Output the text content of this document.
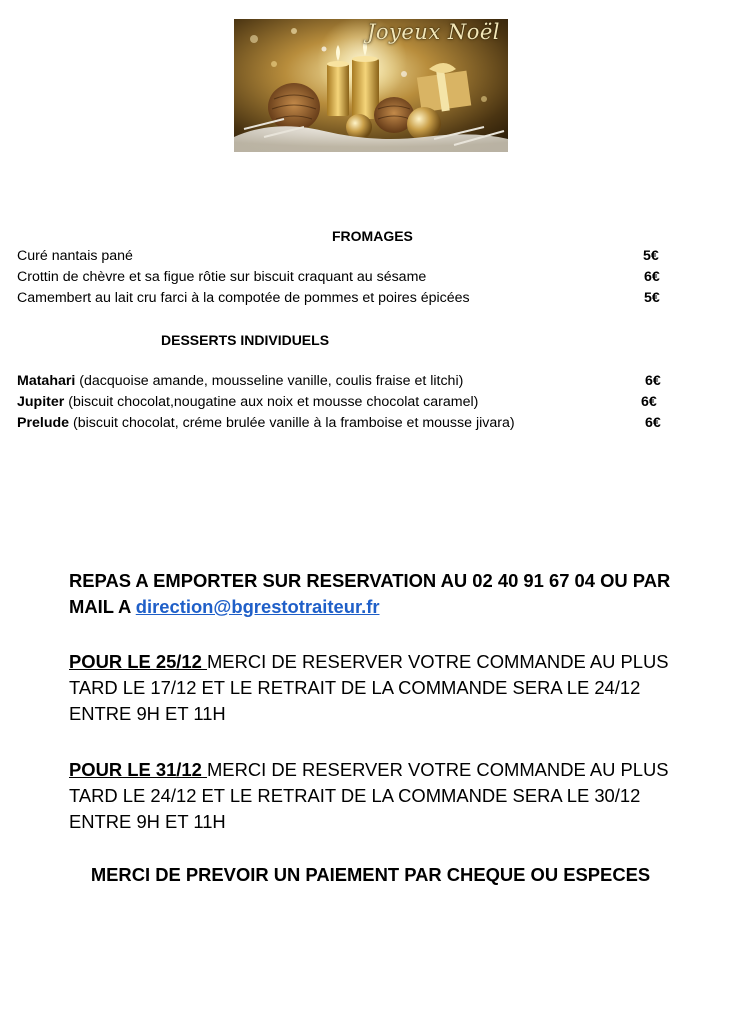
Joyeux Noël
FROMAGES
Curé nantais pané	5€
Crottin de chèvre et sa figue rôtie sur biscuit craquant au sésame	6€
Camembert au lait cru farci à la compotée de pommes et poires épicées	5€
DESSERTS INDIVIDUELS
Matahari (dacquoise amande, mousseline vanille, coulis fraise et litchi)	6€
Jupiter (biscuit chocolat,nougatine aux noix et mousse chocolat caramel)	6€
Prelude (biscuit chocolat, créme brulée vanille à la framboise et mousse jivara)	6€
REPAS A EMPORTER SUR RESERVATION AU 02 40 91 67 04 OU PAR
MAIL A direction@bgrestotraiteur.fr
POUR LE 25/12 MERCI DE RESERVER VOTRE COMMANDE AU PLUS
TARD LE 17/12 ET LE RETRAIT DE LA COMMANDE SERA LE 24/12
ENTRE 9H ET 11H
POUR LE 31/12 MERCI DE RESERVER VOTRE COMMANDE AU PLUS
TARD LE 24/12 ET LE RETRAIT DE LA COMMANDE SERA LE 30/12
ENTRE 9H ET 11H
MERCI DE PREVOIR UN PAIEMENT PAR CHEQUE OU ESPECES
